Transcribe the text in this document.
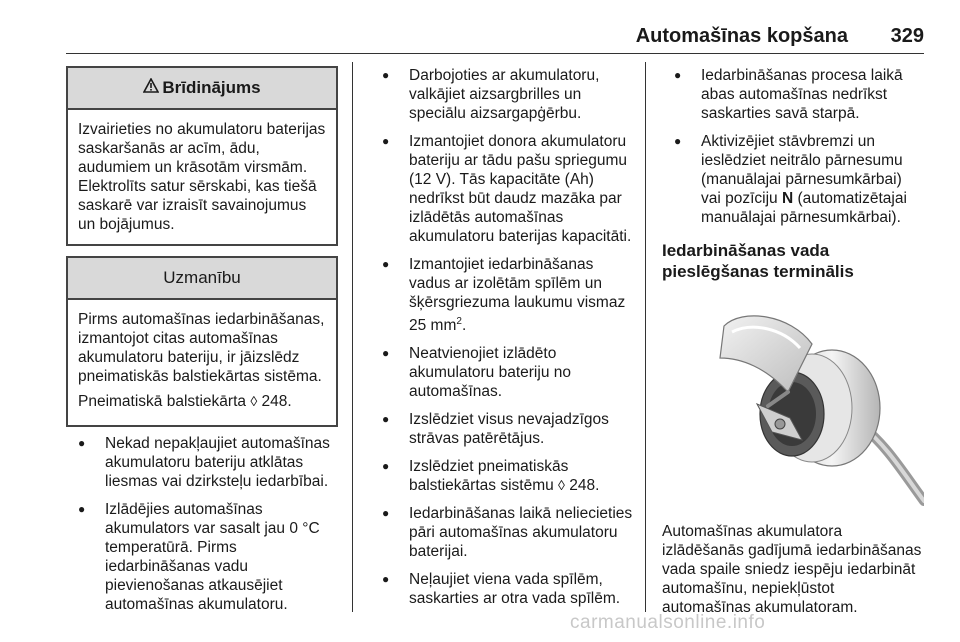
Automašīnas kopšana 329
Brīdinājums

Izvairieties no akumulatoru baterijas saskaršanās ar acīm, ādu, audumiem un krāsotām virsmām. Elektrolīts satur sērskabi, kas tiešā saskarē var izraisīt savainojumus un bojājumus.

Uzmanību

Pirms automašīnas iedarbināšanas, izmantojot citas automašīnas akumulatoru bateriju, ir jāizslēdz pneimatiskās balstiekārtas sistēma.

Pneimatiskā balstiekārta ◊ 248.

● Nekad nepakļaujiet automašīnas akumulatoru bateriju atklātas liesmas vai dzirksteļu iedarbībai.
● Izlādējies automašīnas akumulators var sasalt jau 0 °C temperatūrā. Pirms iedarbināšanas vadu pievienošanas atkausējiet automašīnas akumulatoru.
● Darbojoties ar akumulatoru, valkājiet aizsargbrilles un speciālu aizsargapģērbu.
● Izmantojiet donora akumulatoru bateriju ar tādu pašu spriegumu (12 V). Tās kapacitāte (Ah) nedrīkst būt daudz mazāka par izlādētās automašīnas akumulatoru baterijas kapacitāti.
● Izmantojiet iedarbināšanas vadus ar izolētām spīlēm un šķērsgriezuma laukumu vismaz 25 $mm^2$.
● Neatvienojiet izlādēto akumulatoru bateriju no automašīnas.
● Izslēdziet visus nevajadzīgos strāvas patērētājus.
● Izslēdziet pneimatiskās balstiekārtas sistēmu ◊ 248.
● Iedarbināšanas laikā neliecieties pāri automašīnas akumulatoru baterijai.
● Neļaujiet viena vada spīlēm, saskarties ar otra vada spīlēm.
● Iedarbināšanas procesa laikā abas automašīnas nedrīkst saskarties savā starpā.
● Aktivizējiet stāvbremzi un ieslēdziet neitrālo pārnesumu (manuālajai pārnesumkārbai) vai pozīciju N (automatizētajai manuālajai pārnesumkārbai).
Iedarbināšanas vada pieslēgšanas terminālis

Automašīnas akumulatora izlādēšanās gadījumā iedarbināšanas vada spaile sniedz iespēju iedarbināt automašīnu, nepiekļūstot automašīnas akumulatoram.

carmanualsonline.info
